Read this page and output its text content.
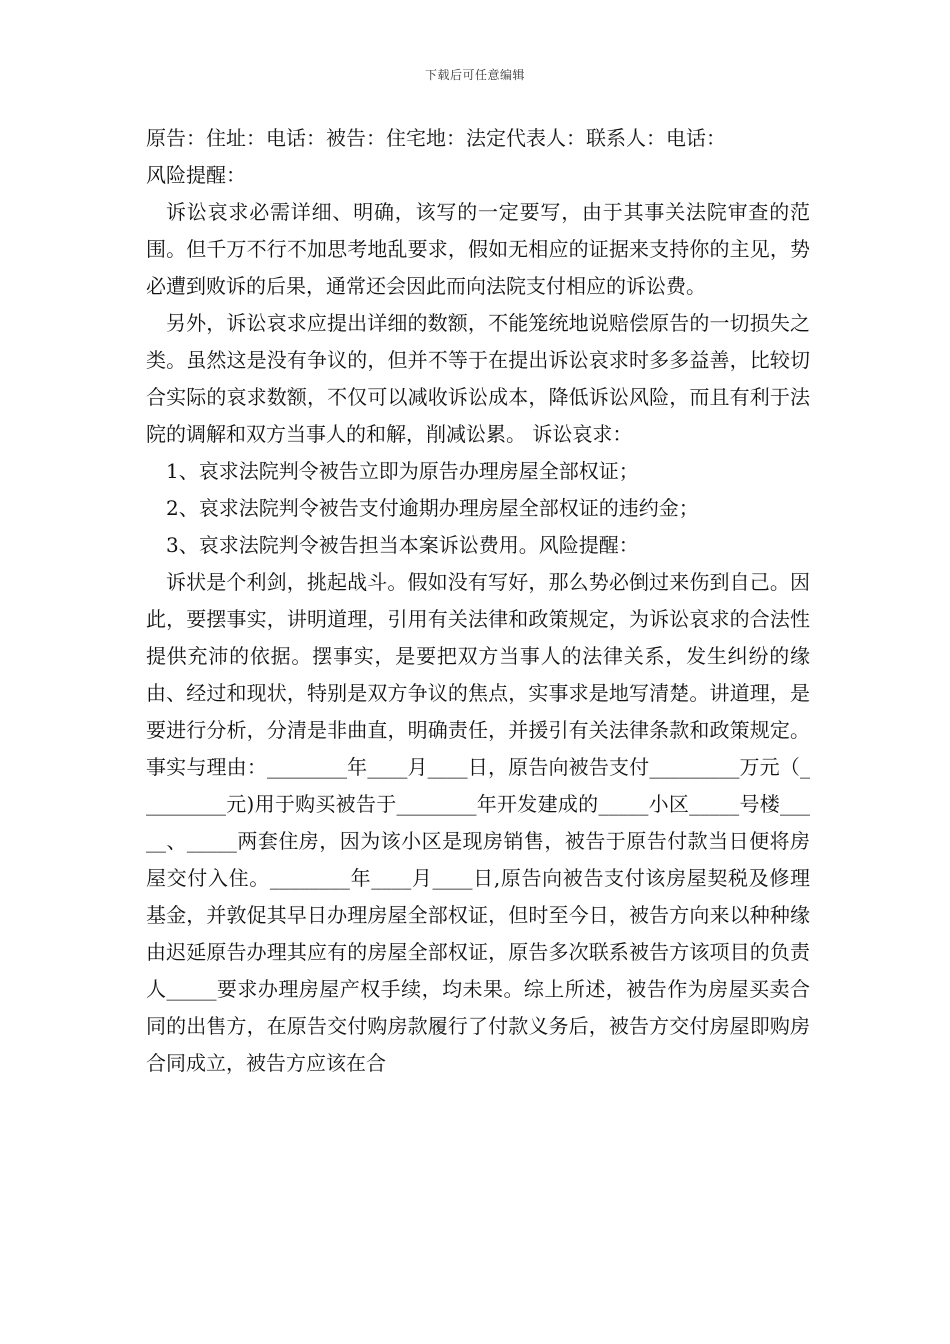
下载后可任意编辑

原告：住址：电话：被告：住宅地：法定代表人：联系人：电话：

风险提醒：

诉讼哀求必需详细、明确，该写的一定要写，由于其事关法院审查的范围。但千万不行不加思考地乱要求，假如无相应的证据来支持你的主见，势必遭到败诉的后果，通常还会因此而向法院支付相应的诉讼费。

另外，诉讼哀求应提出详细的数额，不能笼统地说赔偿原告的一切损失之类。虽然这是没有争议的，但并不等于在提出诉讼哀求时多多益善，比较切合实际的哀求数额，不仅可以减收诉讼成本，降低诉讼风险，而且有利于法院的调解和双方当事人的和解，削减讼累。 诉讼哀求：

1、哀求法院判令被告立即为原告办理房屋全部权证；

2、哀求法院判令被告支付逾期办理房屋全部权证的违约金；

3、哀求法院判令被告担当本案诉讼费用。风险提醒：

诉状是个利剑，挑起战斗。假如没有写好，那么势必倒过来伤到自己。因此，要摆事实，讲明道理，引用有关法律和政策规定，为诉讼哀求的合法性提供充沛的依据。摆事实，是要把双方当事人的法律关系，发生纠纷的缘由、经过和现状，特别是双方争议的焦点，实事求是地写清楚。讲道理，是要进行分析，分清是非曲直，明确责任，并援引有关法律条款和政策规定。 事实与理由：________年____月____日，原告向被告支付_________万元（_________元)用于购买被告于________年开发建成的_____小区_____号楼_____、_____两套住房，因为该小区是现房销售，被告于原告付款当日便将房屋交付入住。________年____月____日,原告向被告支付该房屋契税及修理基金，并敦促其早日办理房屋全部权证，但时至今日，被告方向来以种种缘由迟延原告办理其应有的房屋全部权证，原告多次联系被告方该项目的负责人_____要求办理房屋产权手续，均未果。综上所述，被告作为房屋买卖合同的出售方，在原告交付购房款履行了付款义务后，被告方交付房屋即购房合同成立，被告方应该在合
